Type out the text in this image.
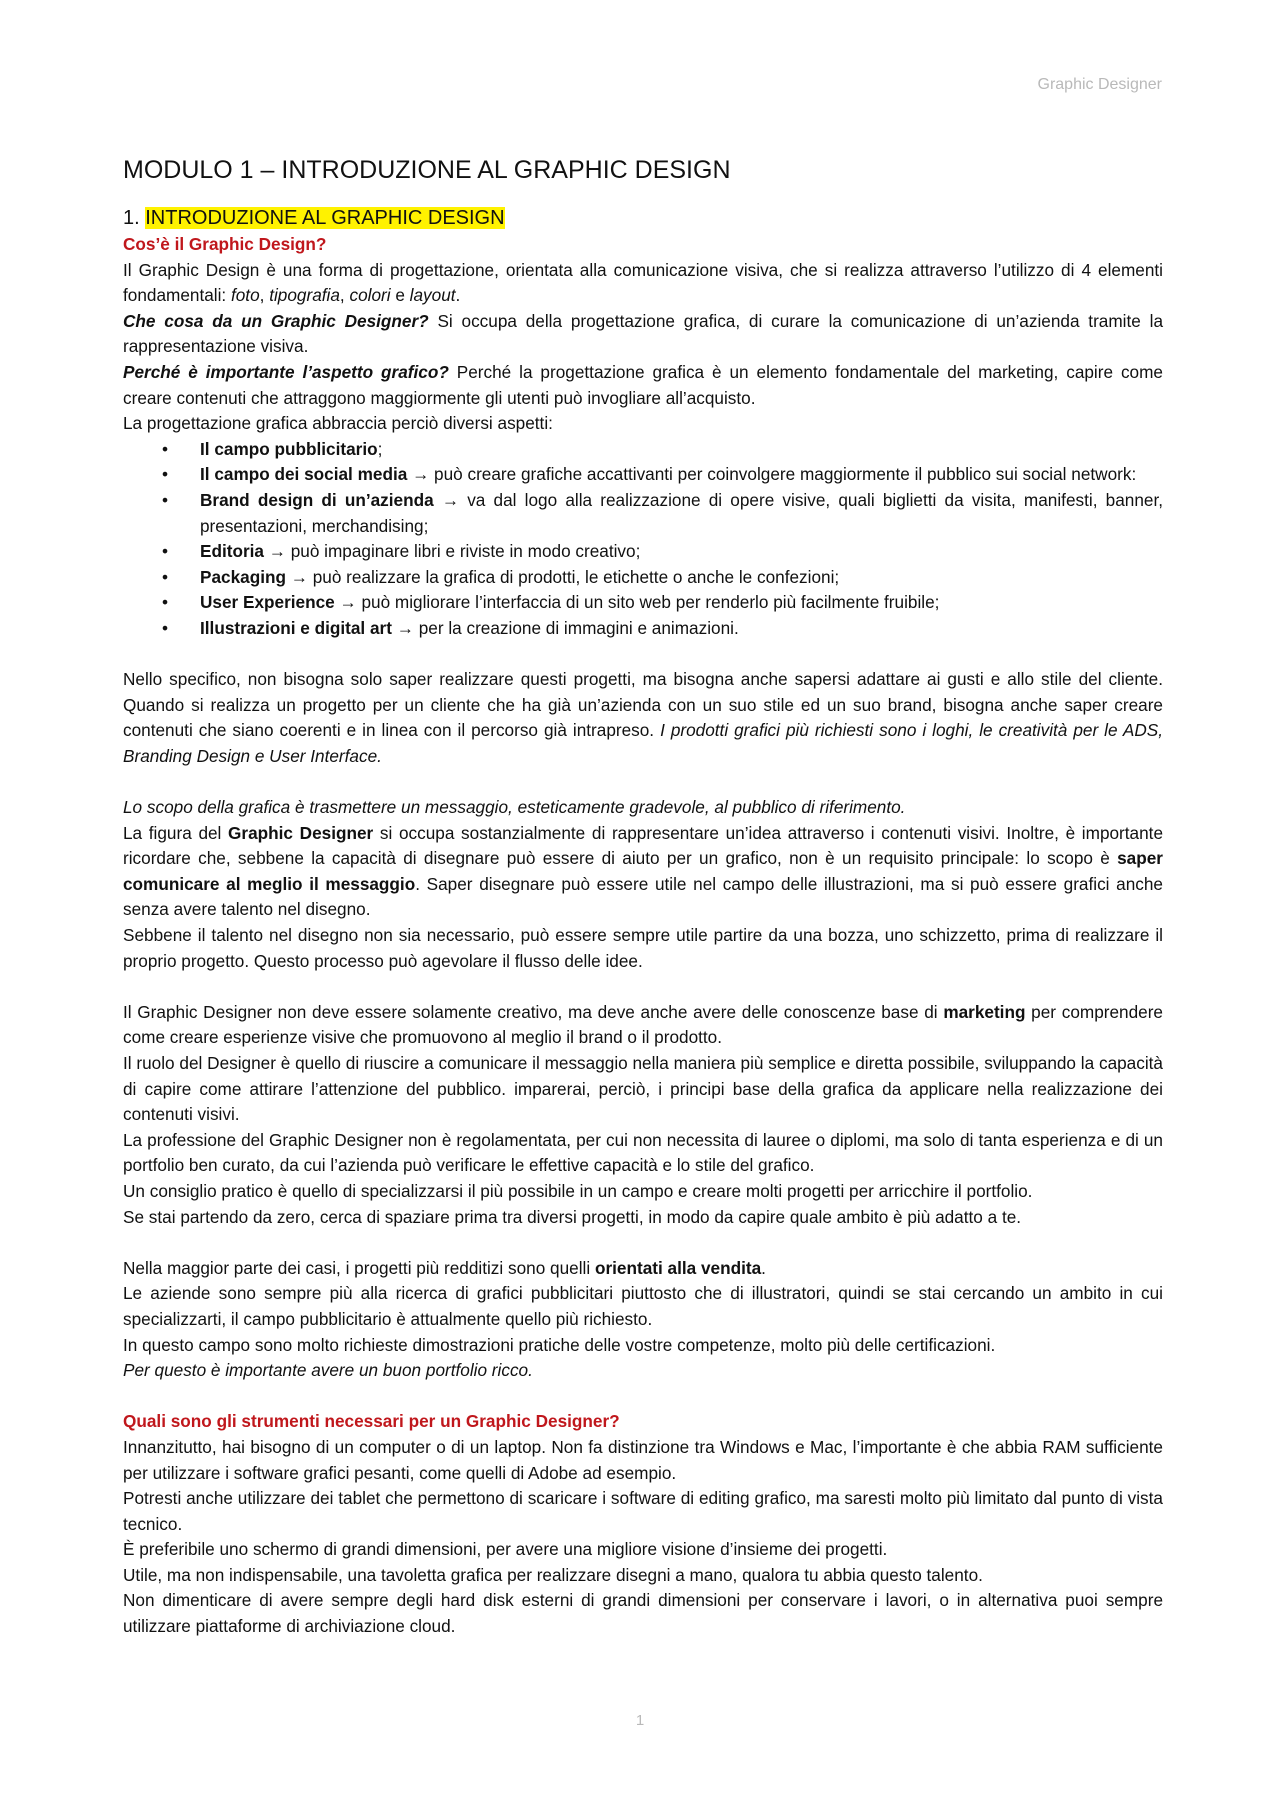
Graphic Designer
MODULO 1 – INTRODUZIONE AL GRAPHIC DESIGN

1. INTRODUZIONE AL GRAPHIC DESIGN

Cos’è il Graphic Design?

Il Graphic Design è una forma di progettazione, orientata alla comunicazione visiva, che si realizza attraverso l’utilizzo di 4 elementi fondamentali: foto, tipografia, colori e layout.

Che cosa da un Graphic Designer? Si occupa della progettazione grafica, di curare la comunicazione di un’azienda tramite la rappresentazione visiva.

Perché è importante l’aspetto grafico? Perché la progettazione grafica è un elemento fondamentale del marketing, capire come creare contenuti che attraggono maggiormente gli utenti può invogliare all’acquisto.

La progettazione grafica abbraccia perciò diversi aspetti:

• Il campo pubblicitario;
• Il campo dei social media → può creare grafiche accattivanti per coinvolgere maggiormente il pubblico sui social network:
• Brand design di un’azienda → va dal logo alla realizzazione di opere visive, quali biglietti da visita, manifesti, banner, presentazioni, merchandising;
• Editoria → può impaginare libri e riviste in modo creativo;
• Packaging → può realizzare la grafica di prodotti, le etichette o anche le confezioni;
• User Experience → può migliorare l’interfaccia di un sito web per renderlo più facilmente fruibile;
• Illustrazioni e digital art → per la creazione di immagini e animazioni.

Nello specifico, non bisogna solo saper realizzare questi progetti, ma bisogna anche sapersi adattare ai gusti e allo stile del cliente. Quando si realizza un progetto per un cliente che ha già un’azienda con un suo stile ed un suo brand, bisogna anche saper creare contenuti che siano coerenti e in linea con il percorso già intrapreso. I prodotti grafici più richiesti sono i loghi, le creatività per le ADS, Branding Design e User Interface.

Lo scopo della grafica è trasmettere un messaggio, esteticamente gradevole, al pubblico di riferimento.

La figura del Graphic Designer si occupa sostanzialmente di rappresentare un’idea attraverso i contenuti visivi. Inoltre, è importante ricordare che, sebbene la capacità di disegnare può essere di aiuto per un grafico, non è un requisito principale: lo scopo è saper comunicare al meglio il messaggio. Saper disegnare può essere utile nel campo delle illustrazioni, ma si può essere grafici anche senza avere talento nel disegno.

Sebbene il talento nel disegno non sia necessario, può essere sempre utile partire da una bozza, uno schizzetto, prima di realizzare il proprio progetto. Questo processo può agevolare il flusso delle idee.

Il Graphic Designer non deve essere solamente creativo, ma deve anche avere delle conoscenze base di marketing per comprendere come creare esperienze visive che promuovono al meglio il brand o il prodotto.

Il ruolo del Designer è quello di riuscire a comunicare il messaggio nella maniera più semplice e diretta possibile, sviluppando la capacità di capire come attirare l’attenzione del pubblico. imparerai, perciò, i principi base della grafica da applicare nella realizzazione dei contenuti visivi.

La professione del Graphic Designer non è regolamentata, per cui non necessita di lauree o diplomi, ma solo di tanta esperienza e di un portfolio ben curato, da cui l’azienda può verificare le effettive capacità e lo stile del grafico.

Un consiglio pratico è quello di specializzarsi il più possibile in un campo e creare molti progetti per arricchire il portfolio.

Se stai partendo da zero, cerca di spaziare prima tra diversi progetti, in modo da capire quale ambito è più adatto a te.

Nella maggior parte dei casi, i progetti più redditizi sono quelli orientati alla vendita.

Le aziende sono sempre più alla ricerca di grafici pubblicitari piuttosto che di illustratori, quindi se stai cercando un ambito in cui specializzarti, il campo pubblicitario è attualmente quello più richiesto.

In questo campo sono molto richieste dimostrazioni pratiche delle vostre competenze, molto più delle certificazioni.

Per questo è importante avere un buon portfolio ricco.

Quali sono gli strumenti necessari per un Graphic Designer?

Innanzitutto, hai bisogno di un computer o di un laptop. Non fa distinzione tra Windows e Mac, l’importante è che abbia RAM sufficiente per utilizzare i software grafici pesanti, come quelli di Adobe ad esempio.

Potresti anche utilizzare dei tablet che permettono di scaricare i software di editing grafico, ma saresti molto più limitato dal punto di vista tecnico.

È preferibile uno schermo di grandi dimensioni, per avere una migliore visione d’insieme dei progetti.

Utile, ma non indispensabile, una tavoletta grafica per realizzare disegni a mano, qualora tu abbia questo talento.

Non dimenticare di avere sempre degli hard disk esterni di grandi dimensioni per conservare i lavori, o in alternativa puoi sempre utilizzare piattaforme di archiviazione cloud.

1
